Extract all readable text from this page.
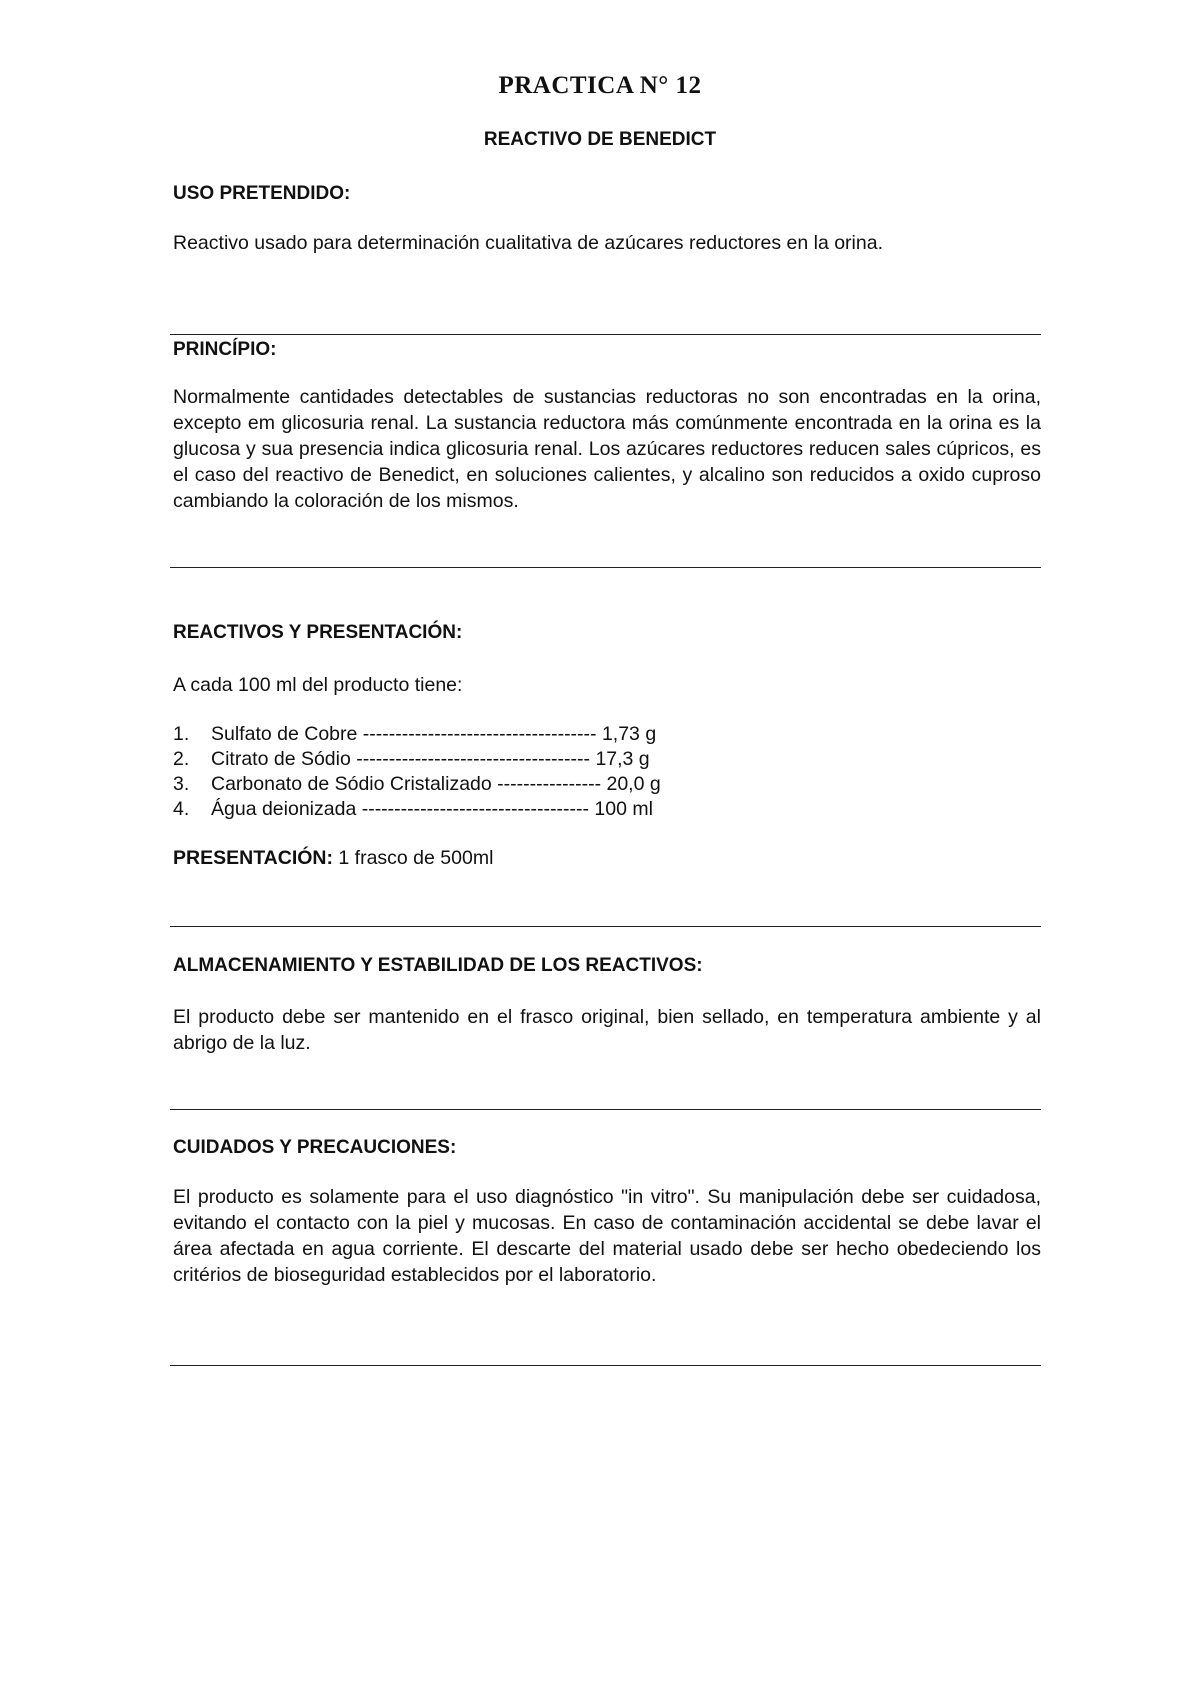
PRACTICA N° 12
REACTIVO DE BENEDICT
USO PRETENDIDO:
Reactivo usado para determinación cualitativa de azúcares reductores en la orina.
PRINCÍPIO:
Normalmente cantidades detectables de sustancias reductoras no son encontradas en la orina, excepto em glicosuria renal. La sustancia reductora más comúnmente encontrada en la orina es la glucosa y sua presencia indica glicosuria renal. Los azúcares reductores reducen sales cúpricos, es el caso del reactivo de Benedict, en soluciones calientes, y alcalino son reducidos a oxido cuproso cambiando la coloración de los mismos.
REACTIVOS Y PRESENTACIÓN:
A cada 100 ml del producto tiene:
1. Sulfato de Cobre ------------------------------------ 1,73 g
2. Citrato de Sódio ------------------------------------ 17,3 g
3. Carbonato de Sódio Cristalizado ---------------- 20,0 g
4. Água deionizada ----------------------------------- 100 ml
PRESENTACIÓN: 1 frasco de 500ml
ALMACENAMIENTO Y ESTABILIDAD DE LOS REACTIVOS:
El producto debe ser mantenido en el frasco original, bien sellado, en temperatura ambiente y al abrigo de la luz.
CUIDADOS Y PRECAUCIONES:
El producto es solamente para el uso diagnóstico "in vitro". Su manipulación debe ser cuidadosa, evitando el contacto con la piel y mucosas. En caso de contaminación accidental se debe lavar el área afectada en agua corriente. El descarte del material usado debe ser hecho obedeciendo los critérios de bioseguridad establecidos por el laboratorio.
